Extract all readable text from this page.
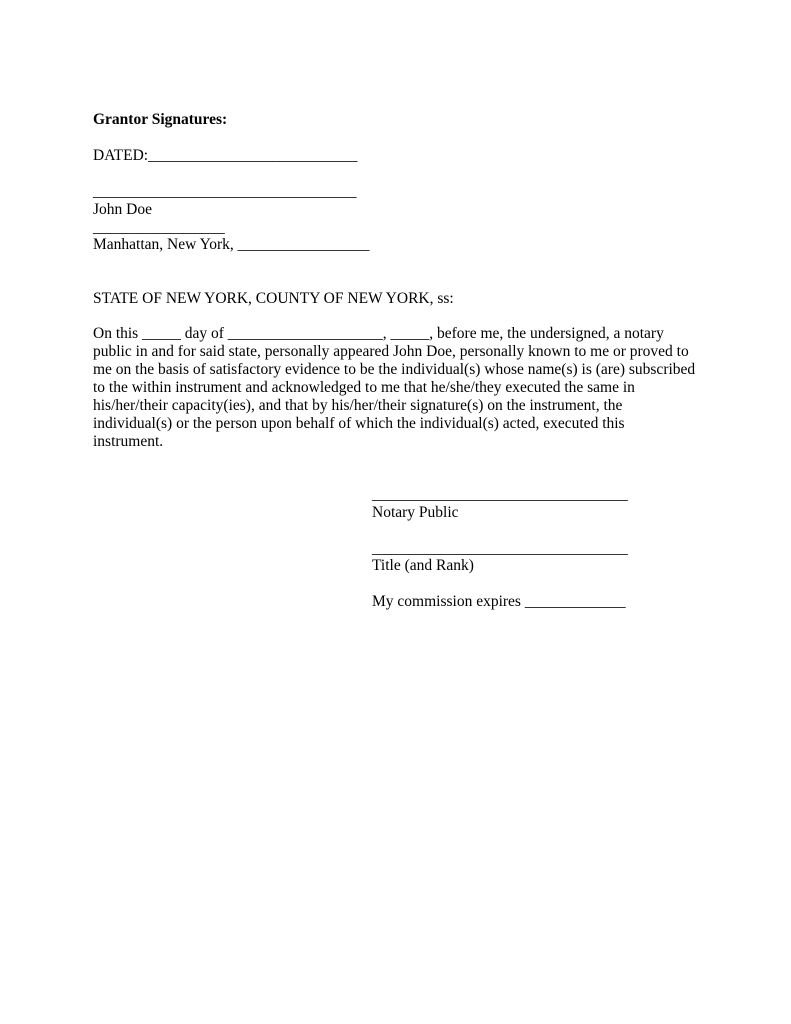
Grantor Signatures:
DATED:___________________________
__________________________________
John Doe
_________________
Manhattan, New York, _________________
STATE OF NEW YORK, COUNTY OF NEW YORK, ss:
On this _____ day of ____________________, _____, before me, the undersigned, a notary
public in and for said state, personally appeared John Doe, personally known to me or proved to
me on the basis of satisfactory evidence to be the individual(s) whose name(s) is (are) subscribed
to the within instrument and acknowledged to me that he/she/they executed the same in
his/her/their capacity(ies), and that by his/her/their signature(s) on the instrument, the
individual(s) or the person upon behalf of which the individual(s) acted, executed this
instrument.
_________________________________
Notary Public
_________________________________
Title (and Rank)
My commission expires _____________
